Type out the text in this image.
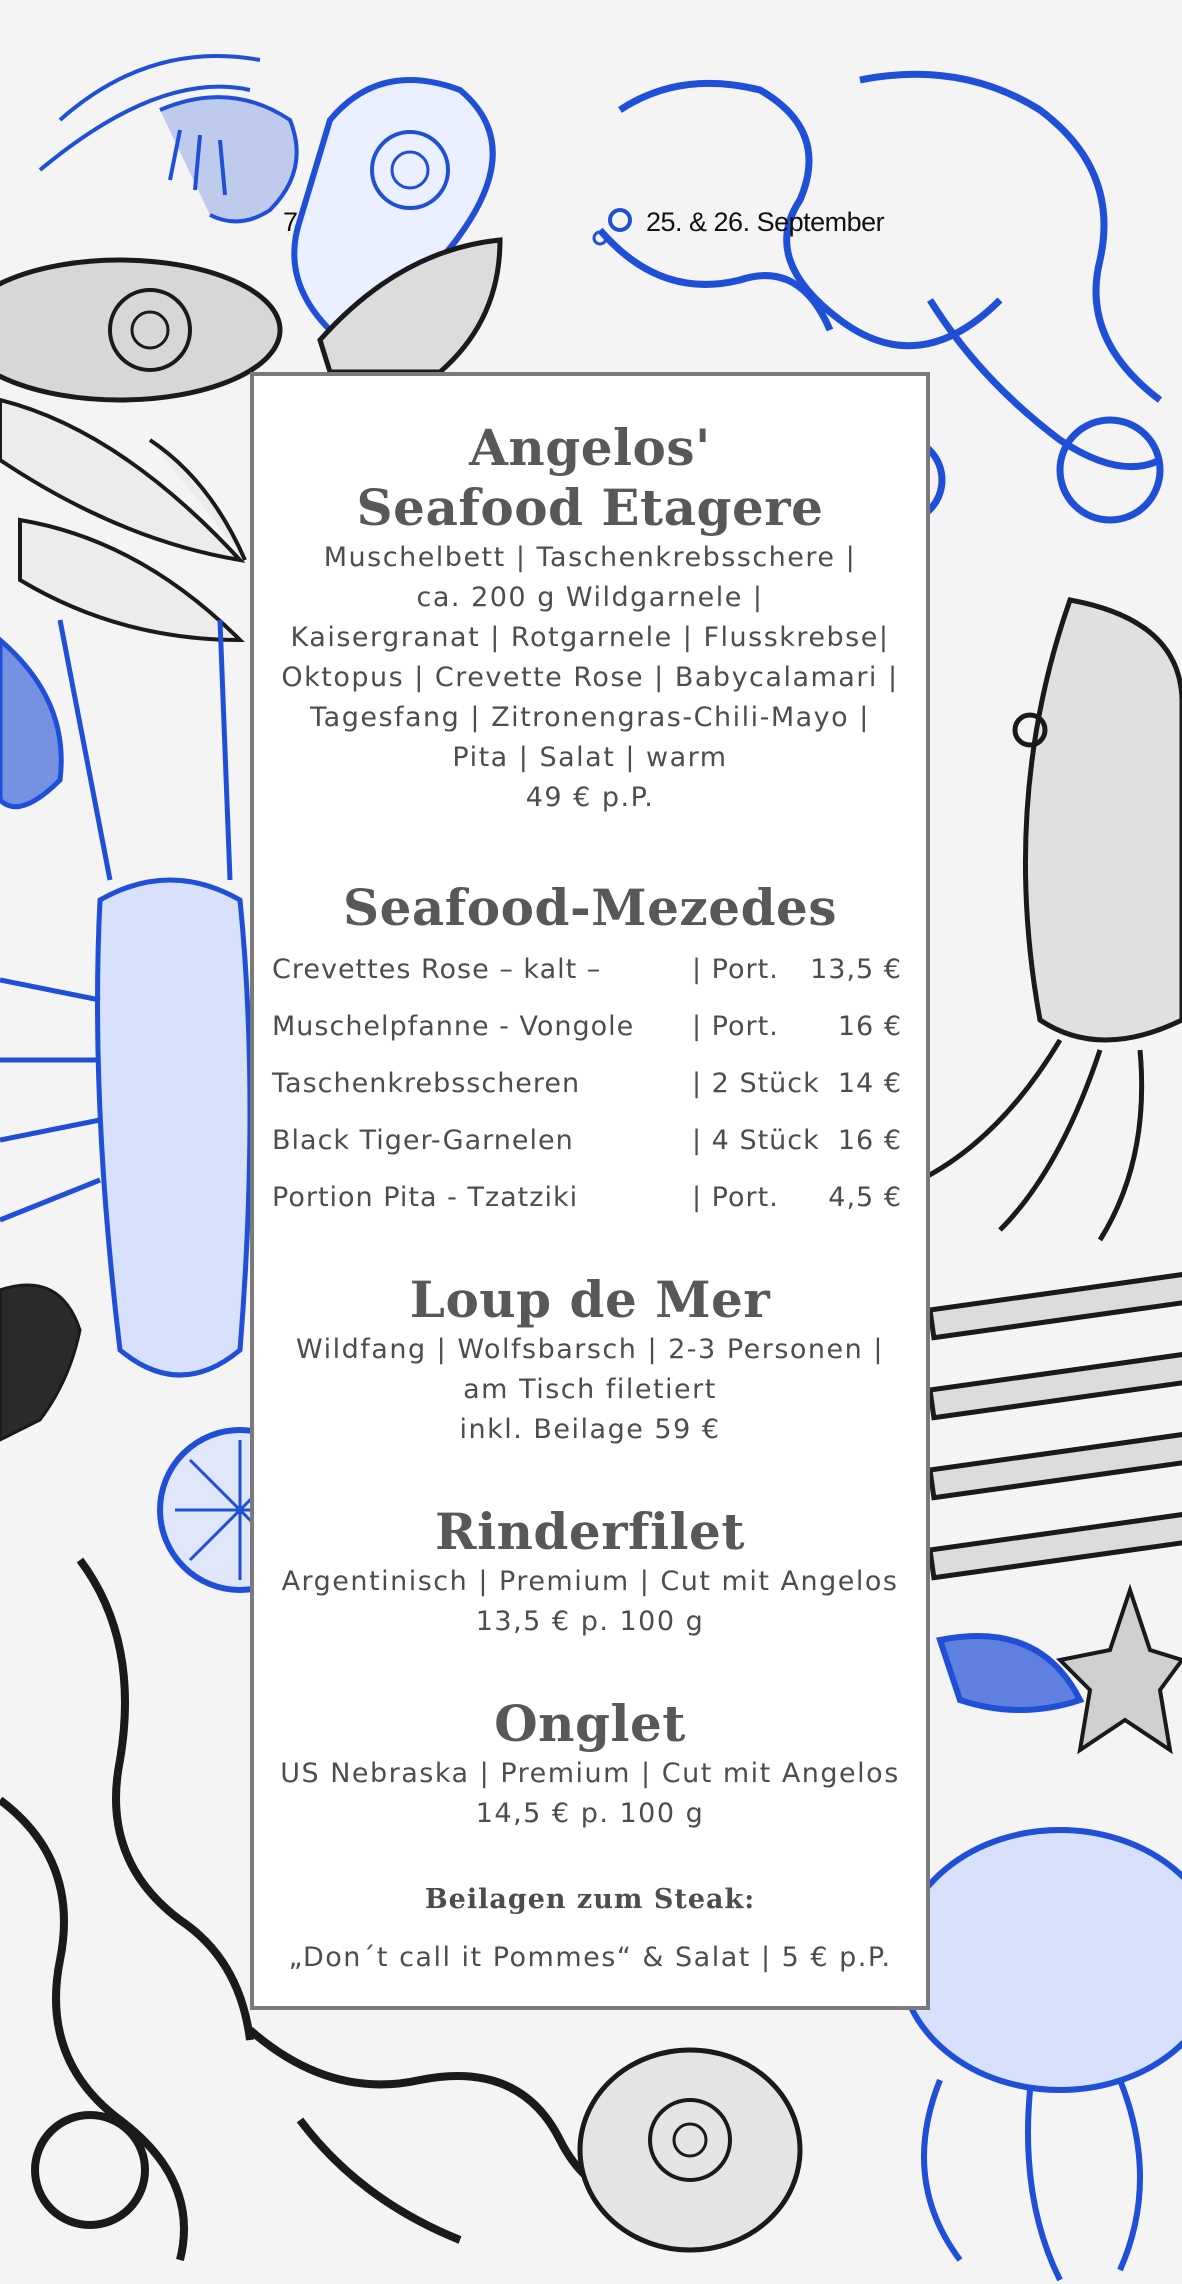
7	25. & 26. September
Angelos'
Seafood Etagere

Muschelbett | Taschenkrebsschere |

ca. 200 g Wildgarnele |

Kaisergranat | Rotgarnele | Flusskrebse|

Oktopus | Crevette Rose | Babycalamari |

Tagesfang | Zitronengras-Chili-Mayo |

Pita | Salat | warm

49 € p.P.

Seafood-Mezedes
Crevettes Rose – kalt –	| Port. 13,5 €
Muschelpfanne - Vongole | Port. 16 €
Taschenkrebsscheren	| 2 Stück 14 €
Black Tiger-Garnelen	| 4 Stück 16 €
Portion Pita - Tzatziki	| Port. 4,5 €
Loup de Mer

Wildfang | Wolfsbarsch | 2-3 Personen |

am Tisch filetiert

inkl. Beilage 59 €

Rinderfilet

Argentinisch | Premium | Cut mit Angelos

13,5 € p. 100 g

Onglet

US Nebraska | Premium | Cut mit Angelos

14,5 € p. 100 g

Beilagen zum Steak:

„Don´t call it Pommes“ & Salat | 5 € p.P.
